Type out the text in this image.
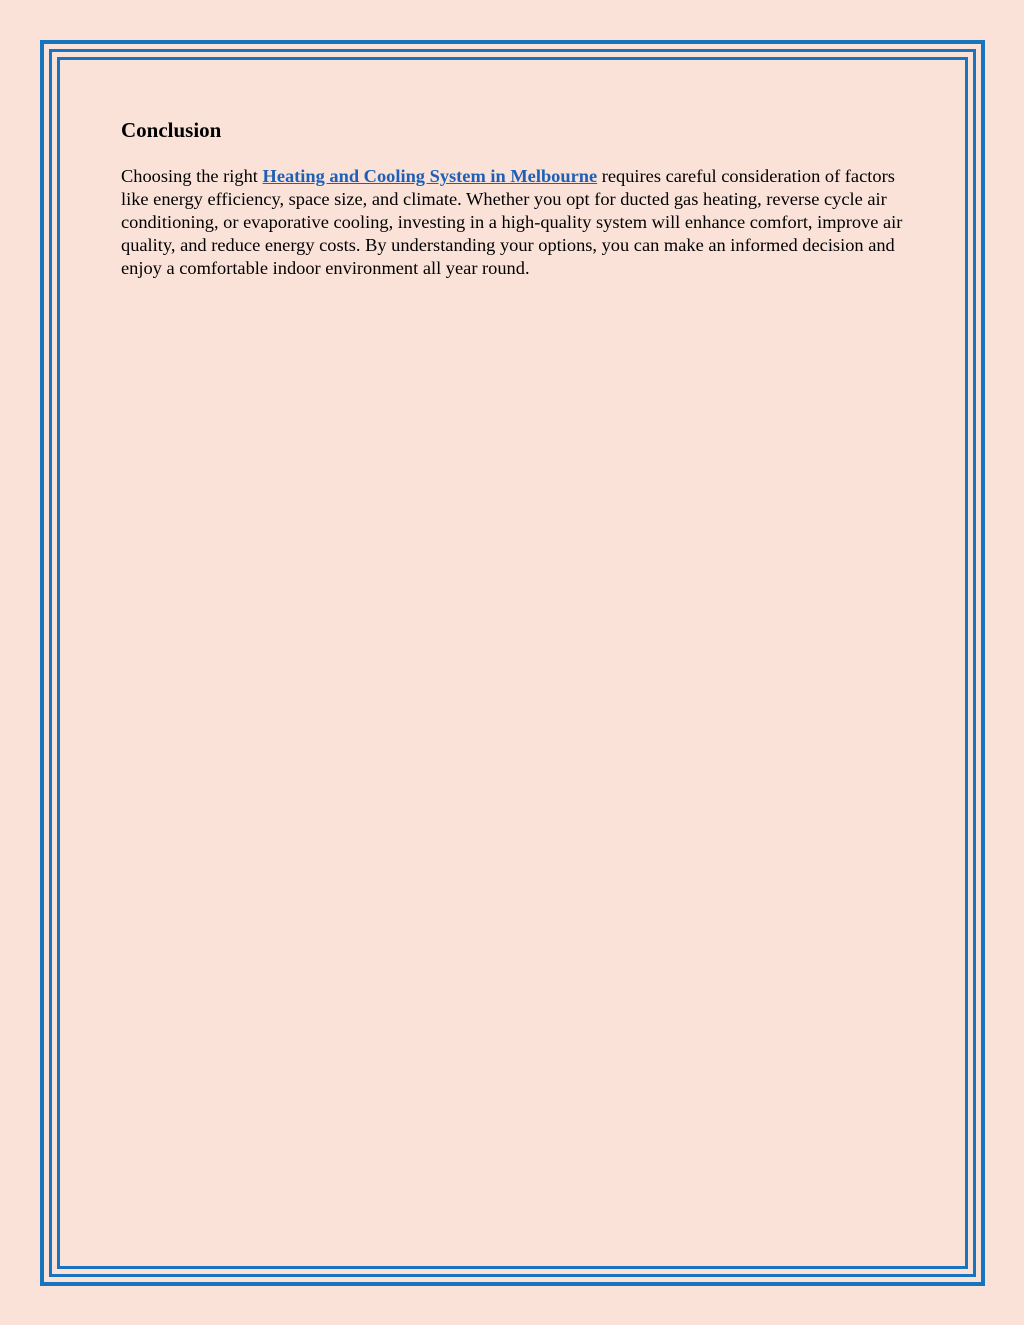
Conclusion

Choosing the right Heating and Cooling System in Melbourne requires careful consideration of factors like energy efficiency, space size, and climate. Whether you opt for ducted gas heating, reverse cycle air conditioning, or evaporative cooling, investing in a high-quality system will enhance comfort, improve air quality, and reduce energy costs. By understanding your options, you can make an informed decision and enjoy a comfortable indoor environment all year round.
